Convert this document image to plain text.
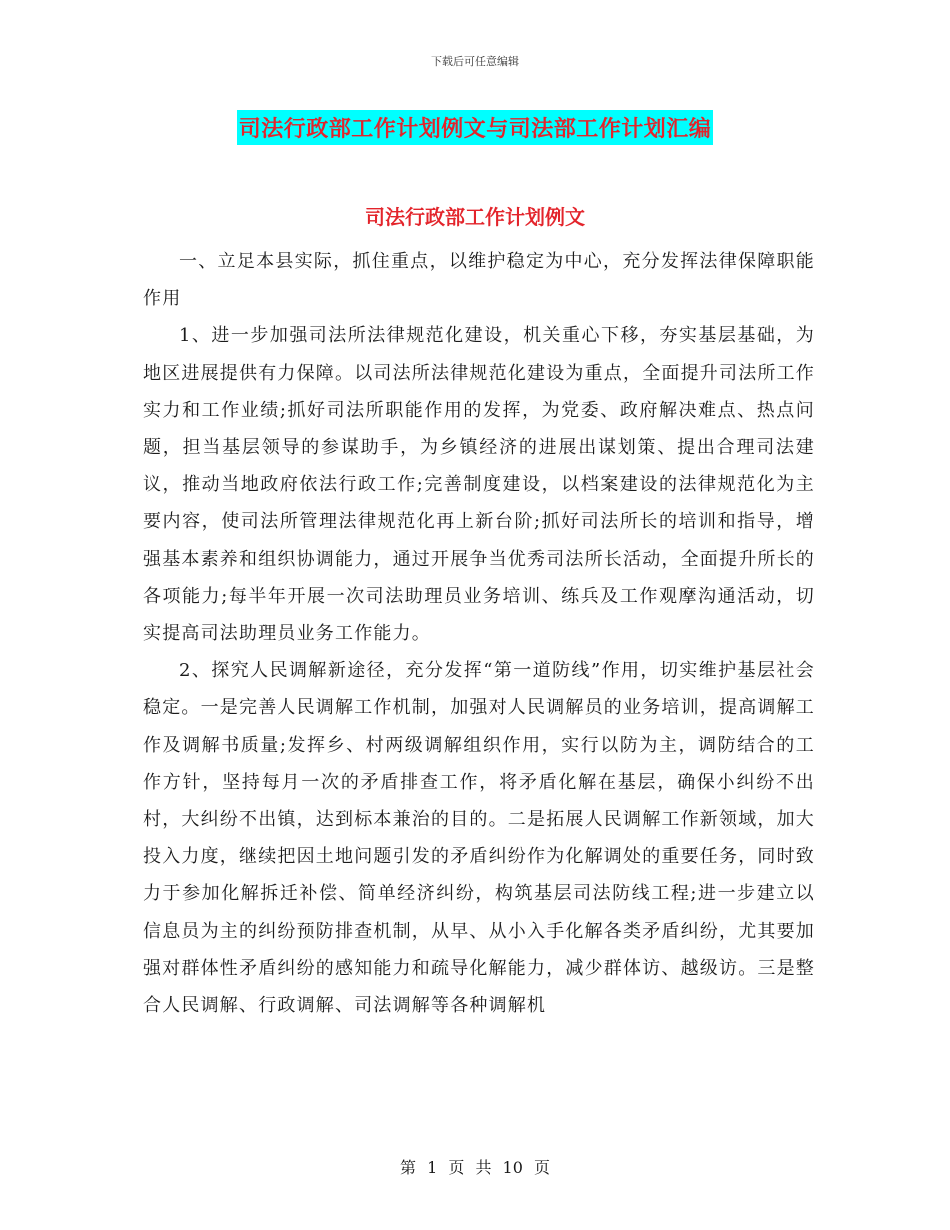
下载后可任意编辑
司法行政部工作计划例文与司法部工作计划汇编
司法行政部工作计划例文

一、立足本县实际，抓住重点，以维护稳定为中心，充分发挥法律保障职能作用

1、进一步加强司法所法律规范化建设，机关重心下移，夯实基层基础，为地区进展提供有力保障。以司法所法律规范化建设为重点，全面提升司法所工作实力和工作业绩;抓好司法所职能作用的发挥，为党委、政府解决难点、热点问题，担当基层领导的参谋助手，为乡镇经济的进展出谋划策、提出合理司法建议，推动当地政府依法行政工作;完善制度建设，以档案建设的法律规范化为主要内容，使司法所管理法律规范化再上新台阶;抓好司法所长的培训和指导，增强基本素养和组织协调能力，通过开展争当优秀司法所长活动，全面提升所长的各项能力;每半年开展一次司法助理员业务培训、练兵及工作观摩沟通活动，切实提高司法助理员业务工作能力。

2、探究人民调解新途径，充分发挥“第一道防线”作用，切实维护基层社会稳定。一是完善人民调解工作机制，加强对人民调解员的业务培训，提高调解工作及调解书质量;发挥乡、村两级调解组织作用，实行以防为主，调防结合的工作方针，坚持每月一次的矛盾排查工作，将矛盾化解在基层，确保小纠纷不出村，大纠纷不出镇，达到标本兼治的目的。二是拓展人民调解工作新领域，加大投入力度，继续把因土地问题引发的矛盾纠纷作为化解调处的重要任务，同时致力于参加化解拆迁补偿、简单经济纠纷，构筑基层司法防线工程;进一步建立以信息员为主的纠纷预防排查机制，从早、从小入手化解各类矛盾纠纷，尤其要加强对群体性矛盾纠纷的感知能力和疏导化解能力，减少群体访、越级访。三是整合人民调解、行政调解、司法调解等各种调解机

第 1 页 共 10 页
